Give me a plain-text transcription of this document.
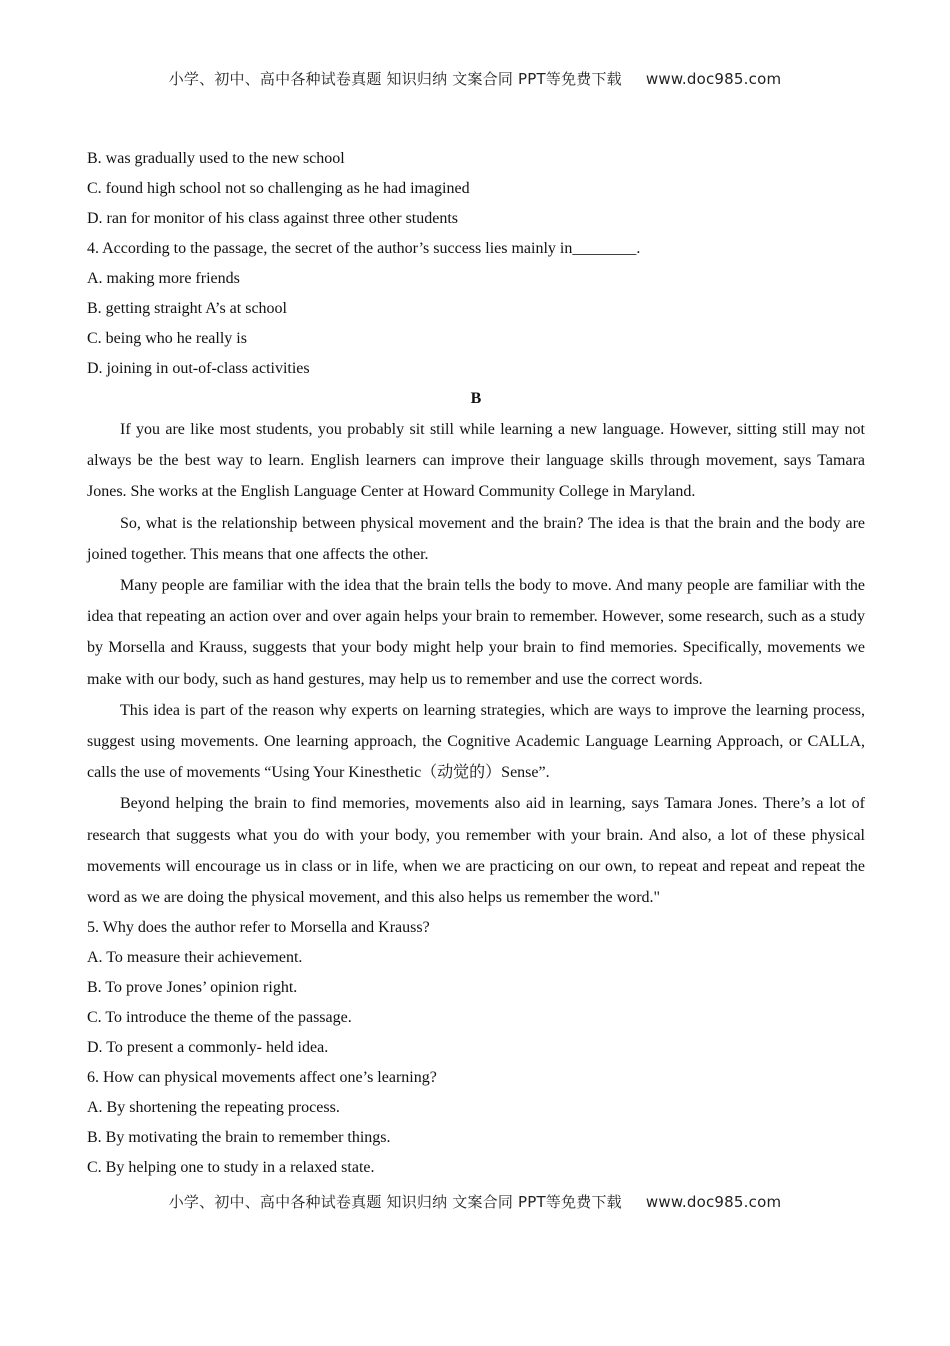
小学、初中、高中各种试卷真题 知识归纳 文案合同 PPT等免费下载 www.doc985.com
B. was gradually used to the new school
C. found high school not so challenging as he had imagined
D. ran for monitor of his class against three other students
4. According to the passage, the secret of the author’s success lies mainly in________.
A. making more friends
B. getting straight A’s at school
C. being who he really is
D. joining in out-of-class activities
B

If you are like most students, you probably sit still while learning a new language. However, sitting still may not always be the best way to learn. English learners can improve their language skills through movement, says Tamara Jones. She works at the English Language Center at Howard Community College in Maryland.

So, what is the relationship between physical movement and the brain? The idea is that the brain and the body are joined together. This means that one affects the other.

Many people are familiar with the idea that the brain tells the body to move. And many people are familiar with the idea that repeating an action over and over again helps your brain to remember. However, some research, such as a study by Morsella and Krauss, suggests that your body might help your brain to find memories. Specifically, movements we make with our body, such as hand gestures, may help us to remember and use the correct words.

This idea is part of the reason why experts on learning strategies, which are ways to improve the learning process, suggest using movements. One learning approach, the Cognitive Academic Language Learning Approach, or CALLA, calls the use of movements “Using Your Kinesthetic（动觉的）Sense”.

Beyond helping the brain to find memories, movements also aid in learning, says Tamara Jones. There’s a lot of research that suggests what you do with your body, you remember with your brain. And also, a lot of these physical movements will encourage us in class or in life, when we are practicing on our own, to repeat and repeat and repeat the word as we are doing the physical movement, and this also helps us remember the word."

5. Why does the author refer to Morsella and Krauss?
A. To measure their achievement.
B. To prove Jones’ opinion right.
C. To introduce the theme of the passage.
D. To present a commonly- held idea.
6. How can physical movements affect one’s learning?
A. By shortening the repeating process.
B. By motivating the brain to remember things.
C. By helping one to study in a relaxed state.
小学、初中、高中各种试卷真题 知识归纳 文案合同 PPT等免费下载 www.doc985.com
